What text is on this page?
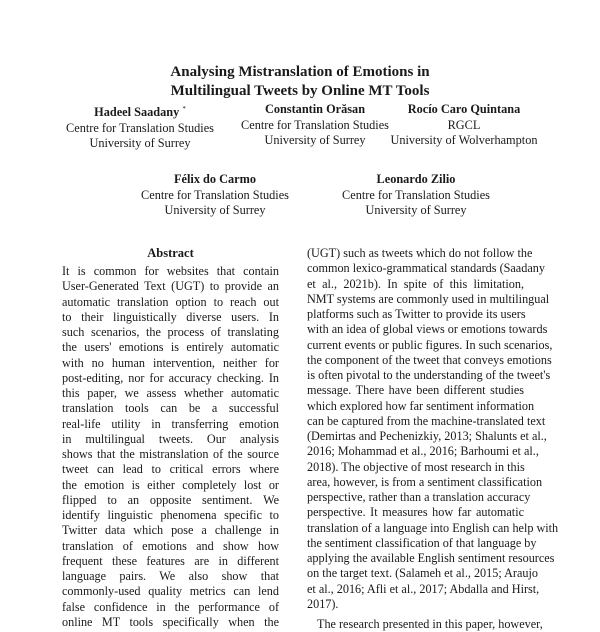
Analysing Mistranslation of Emotions in
Multilingual Tweets by Online MT Tools
Hadeel Saadany *
Centre for Translation Studies
University of Surrey
Constantin Orăsan
Centre for Translation Studies
University of Surrey
Rocío Caro Quintana
RGCL
University of Wolverhampton
Félix do Carmo
Centre for Translation Studies
University of Surrey
Leonardo Zilio
Centre for Translation Studies
University of Surrey
Abstract
It is common for websites that contain
User-Generated Text (UGT) to provide an
automatic translation option to reach out
to their linguistically diverse users. In
such scenarios, the process of translating
the users' emotions is entirely automatic
with no human intervention, neither for
post-editing, nor for accuracy checking. In
this paper, we assess whether automatic
translation tools can be a successful
real-life utility in transferring emotion
in multilingual tweets. Our analysis
shows that the mistranslation of the source
tweet can lead to critical errors where
the emotion is either completely lost or
flipped to an opposite sentiment. We
identify linguistic phenomena specific to
Twitter data which pose a challenge in
translation of emotions and show how
frequent these features are in different
language pairs. We also show that
commonly-used quality metrics can lend
false confidence in the performance of
online MT tools specifically when the
(UGT) such as tweets which do not follow the
common lexico-grammatical standards (Saadany
et al., 2021b). In spite of this limitation,
NMT systems are commonly used in multilingual
platforms such as Twitter to provide its users
with an idea of global views or emotions towards
current events or public figures. In such scenarios,
the component of the tweet that conveys emotions
is often pivotal to the understanding of the tweet's
message. There have been different studies
which explored how far sentiment information
can be captured from the machine-translated text
(Demirtas and Pechenizkiy, 2013; Shalunts et al.,
2016; Mohammad et al., 2016; Barhoumi et al.,
2018). The objective of most research in this
area, however, is from a sentiment classification
perspective, rather than a translation accuracy
perspective. It measures how far automatic
translation of a language into English can help with
the sentiment classification of that language by
applying the available English sentiment resources
on the target text. (Salameh et al., 2015; Araujo
et al., 2016; Afli et al., 2017; Abdalla and Hirst,
2017).
The research presented in this paper, however,
